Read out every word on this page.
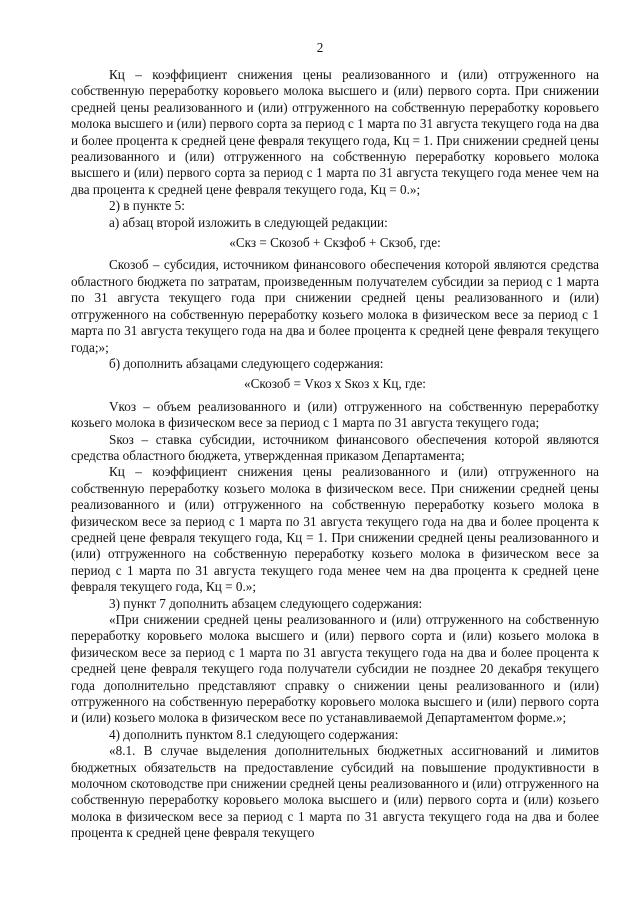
2

Кц – коэффициент снижения цены реализованного и (или) отгруженного на собственную переработку коровьего молока высшего и (или) первого сорта. При снижении средней цены реализованного и (или) отгруженного на собственную переработку коровьего молока высшего и (или) первого сорта за период с 1 марта по 31 августа текущего года на два и более процента к средней цене февраля текущего года, Кц = 1. При снижении средней цены реализованного и (или) отгруженного на собственную переработку коровьего молока высшего и (или) первого сорта за период с 1 марта по 31 августа текущего года менее чем на два процента к средней цене февраля текущего года, Кц = 0.»;

2) в пункте 5:

а) абзац второй изложить в следующей редакции:

«Скз = Скозоб + Скзфоб + Скзоб, где:

Скозоб – субсидия, источником финансового обеспечения которой являются средства областного бюджета по затратам, произведенным получателем субсидии за период с 1 марта по 31 августа текущего года при снижении средней цены реализованного и (или) отгруженного на собственную переработку козьего молока в физическом весе за период с 1 марта по 31 августа текущего года на два и более процента к средней цене февраля текущего года;»;

б) дополнить абзацами следующего содержания:

«Скозоб = Vкоз х Sкоз х Кц, где:

Vкоз – объем реализованного и (или) отгруженного на собственную переработку козьего молока в физическом весе за период с 1 марта по 31 августа текущего года;

Sкоз – ставка субсидии, источником финансового обеспечения которой являются средства областного бюджета, утвержденная приказом Департамента;

Кц – коэффициент снижения цены реализованного и (или) отгруженного на собственную переработку козьего молока в физическом весе. При снижении средней цены реализованного и (или) отгруженного на собственную переработку козьего молока в физическом весе за период с 1 марта по 31 августа текущего года на два и более процента к средней цене февраля текущего года, Кц = 1. При снижении средней цены реализованного и (или) отгруженного на собственную переработку козьего молока в физическом весе за период с 1 марта по 31 августа текущего года менее чем на два процента к средней цене февраля текущего года, Кц = 0.»;

3) пункт 7 дополнить абзацем следующего содержания:

«При снижении средней цены реализованного и (или) отгруженного на собственную переработку коровьего молока высшего и (или) первого сорта и (или) козьего молока в физическом весе за период с 1 марта по 31 августа текущего года на два и более процента к средней цене февраля текущего года получатели субсидии не позднее 20 декабря текущего года дополнительно представляют справку о снижении цены реализованного и (или) отгруженного на собственную переработку коровьего молока высшего и (или) первого сорта и (или) козьего молока в физическом весе по устанавливаемой Департаментом форме.»;

4) дополнить пунктом 8.1 следующего содержания:

«8.1. В случае выделения дополнительных бюджетных ассигнований и лимитов бюджетных обязательств на предоставление субсидий на повышение продуктивности в молочном скотоводстве при снижении средней цены реализованного и (или) отгруженного на собственную переработку коровьего молока высшего и (или) первого сорта и (или) козьего молока в физическом весе за период с 1 марта по 31 августа текущего года на два и более процента к средней цене февраля текущего
